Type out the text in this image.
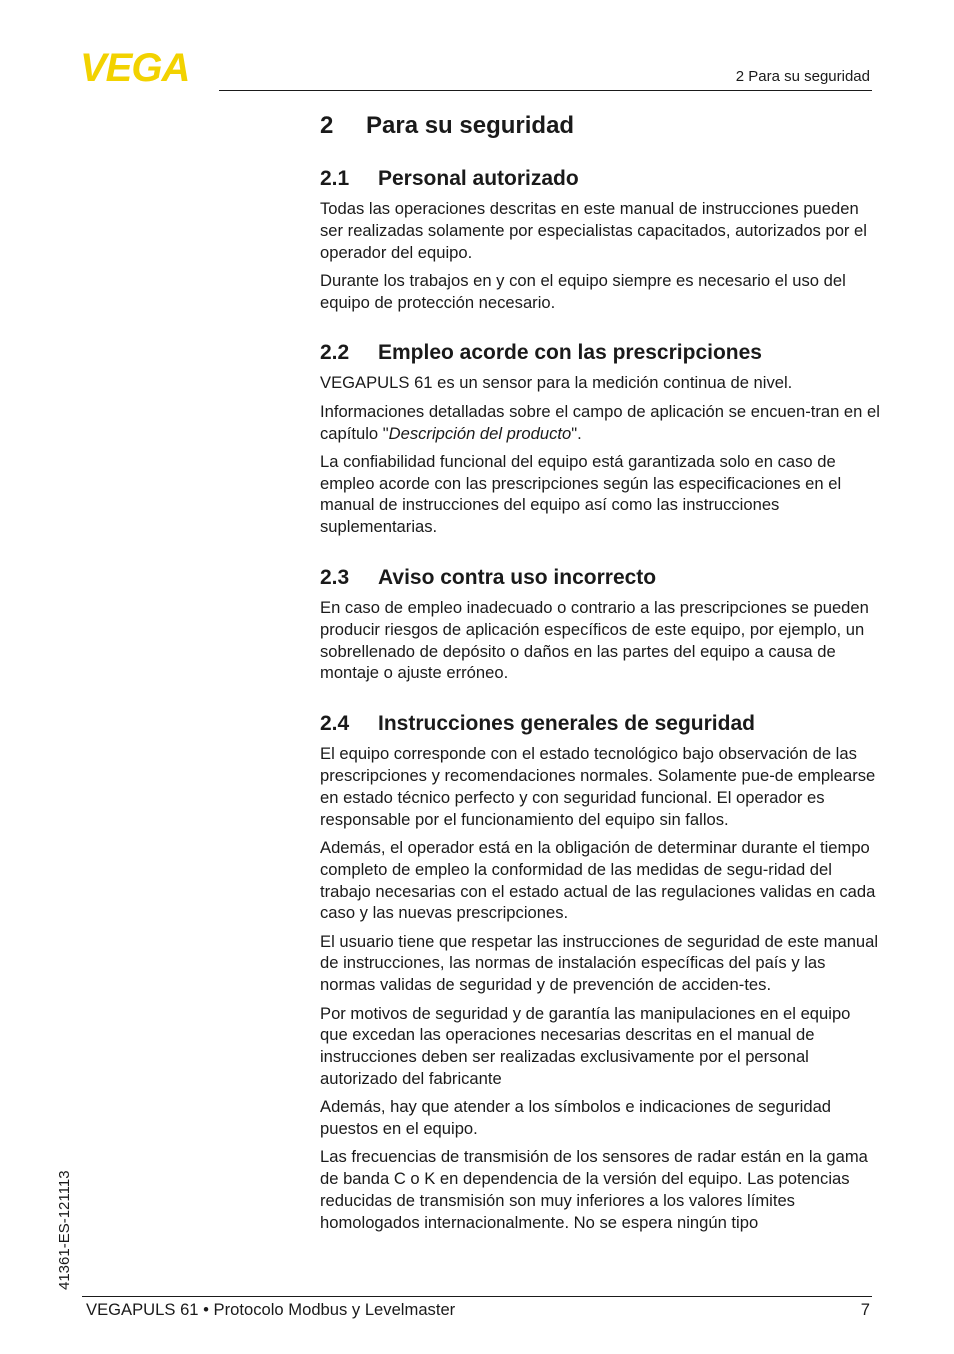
VEGA	2 Para su seguridad
2 Para su seguridad
2.1 Personal autorizado

Todas las operaciones descritas en este manual de instrucciones pueden ser realizadas solamente por especialistas capacitados, autorizados por el operador del equipo.

Durante los trabajos en y con el equipo siempre es necesario el uso del equipo de protección necesario.

2.2 Empleo acorde con las prescripciones

VEGAPULS 61 es un sensor para la medición continua de nivel.

Informaciones detalladas sobre el campo de aplicación se encuen-tran en el capítulo "Descripción del producto".

La confiabilidad funcional del equipo está garantizada solo en caso de empleo acorde con las prescripciones según las especificaciones en el manual de instrucciones del equipo así como las instrucciones suplementarias.

2.3 Aviso contra uso incorrecto

En caso de empleo inadecuado o contrario a las prescripciones se pueden producir riesgos de aplicación específicos de este equipo, por ejemplo, un sobrellenado de depósito o daños en las partes del equipo a causa de montaje o ajuste erróneo.

2.4 Instrucciones generales de seguridad

El equipo corresponde con el estado tecnológico bajo observación de las prescripciones y recomendaciones normales. Solamente pue-de emplearse en estado técnico perfecto y con seguridad funcional. El operador es responsable por el funcionamiento del equipo sin fallos.

Además, el operador está en la obligación de determinar durante el tiempo completo de empleo la conformidad de las medidas de segu-ridad del trabajo necesarias con el estado actual de las regulaciones validas en cada caso y las nuevas prescripciones.

El usuario tiene que respetar las instrucciones de seguridad de este manual de instrucciones, las normas de instalación específicas del país y las normas validas de seguridad y de prevención de acciden-tes.

Por motivos de seguridad y de garantía las manipulaciones en el equipo que excedan las operaciones necesarias descritas en el manual de instrucciones deben ser realizadas exclusivamente por el personal autorizado del fabricante

Además, hay que atender a los símbolos e indicaciones de seguridad puestos en el equipo.

Las frecuencias de transmisión de los sensores de radar están en la gama de banda C o K en dependencia de la versión del equipo. Las potencias reducidas de transmisión son muy inferiores a los valores límites homologados internacionalmente. No se espera ningún tipo

41361-ES-121113
VEGAPULS 61 • Protocolo Modbus y Levelmaster	7
